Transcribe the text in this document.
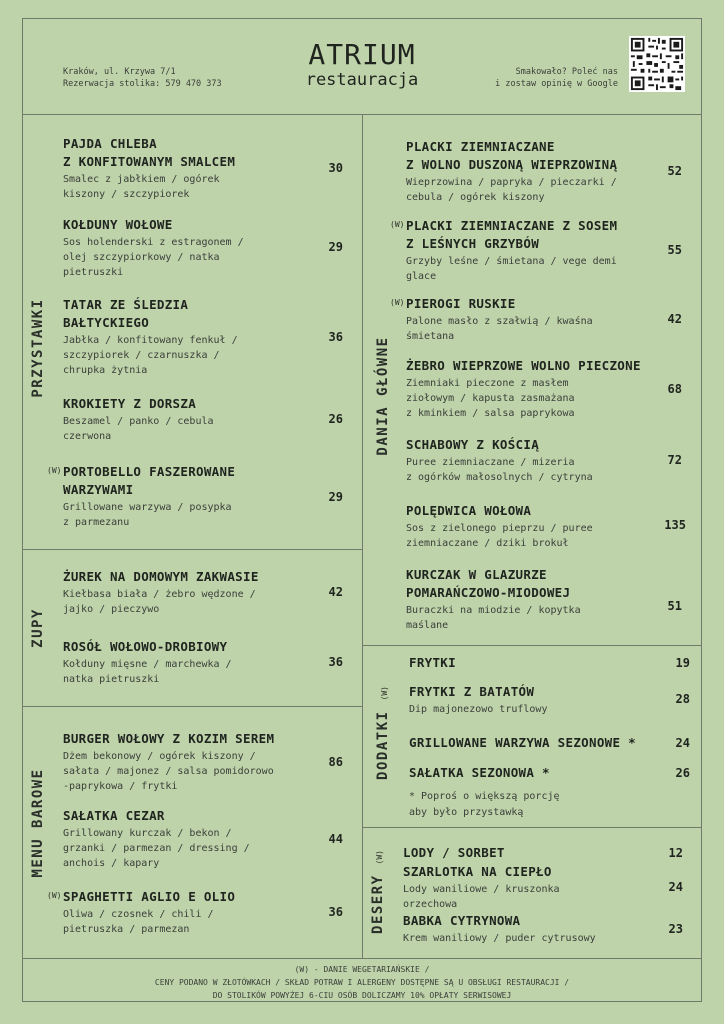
Kraków, ul. Krzywa 7/1
Rezerwacja stolika: 579 470 373
ATRIUM
restauracja	Smakowało? Poleć nas
i zostaw opinię w Google
PRZYSTAWKI
ZUPY
MENU BAROWE
DANIA GŁÓWNE
DODATKI (W)
DESERY (W)
PAJDA CHLEBA
Z KONFITOWANYM SMALCEM
Smalec z jabłkiem / ogórek
kiszony / szczypiorek
30
KOŁDUNY WOŁOWE
Sos holenderski z estragonem /
olej szczypiorkowy / natka
pietruszki
29
TATAR ZE ŚLEDZIA
BAŁTYCKIEGO
Jabłka / konfitowany fenkuł /
szczypiorek / czarnuszka /
chrupka żytnia
36
KROKIETY Z DORSZA
Beszamel / panko / cebula
czerwona
26
(W) PORTOBELLO FASZEROWANE
WARZYWAMI
Grillowane warzywa / posypka
z parmezanu
29
ŻUREK NA DOMOWYM ZAKWASIE
Kiełbasa biała / żebro wędzone /
jajko / pieczywo
42
ROSÓŁ WOŁOWO-DROBIOWY
Kołduny mięsne / marchewka /
natka pietruszki
36
BURGER WOŁOWY Z KOZIM SEREM
Dżem bekonowy / ogórek kiszony /
sałata / majonez / salsa pomidorowo
-paprykowa / frytki
86
SAŁATKA CEZAR
Grillowany kurczak / bekon /
grzanki / parmezan / dressing /
anchois / kapary
44
(W) SPAGHETTI AGLIO E OLIO
Oliwa / czosnek / chili /
pietruszka / parmezan
36
PLACKI ZIEMNIACZANE
Z WOLNO DUSZONĄ WIEPRZOWINĄ
Wieprzowina / papryka / pieczarki /
cebula / ogórek kiszony
52
(W) PLACKI ZIEMNIACZANE Z SOSEM
Z LEŚNYCH GRZYBÓW
Grzyby leśne / śmietana / vege demi
glace
55
(W) PIEROGI RUSKIE
Palone masło z szałwią / kwaśna
śmietana
42
ŻEBRO WIEPRZOWE WOLNO PIECZONE
Ziemniaki pieczone z masłem
ziołowym / kapusta zasmażana
z kminkiem / salsa paprykowa
68
SCHABOWY Z KOŚCIĄ
Puree ziemniaczane / mizeria
z ogórków małosolnych / cytryna
72
POLĘDWICA WOŁOWA
Sos z zielonego pieprzu / puree
ziemniaczane / dziki brokuł
135
KURCZAK W GLAZURZE
POMARAŃCZOWO-MIODOWEJ
Buraczki na miodzie / kopytka
maślane
51
FRYTKI	19
FRYTKI Z BATATÓW
Dip majonezowo truflowy
28
GRILLOWANE WARZYWA SEZONOWE *	24
SAŁATKA SEZONOWA *	26
* Poproś o większą porcję
aby było przystawką
LODY / SORBET	12
SZARLOTKA NA CIEPŁO
Lody waniliowe / kruszonka
orzechowa
24
BABKA CYTRYNOWA
Krem waniliowy / puder cytrusowy
23
(W) - DANIE WEGETARIAŃSKIE /
CENY PODANO W ZŁOTÓWKACH / SKŁAD POTRAW I ALERGENY DOSTĘPNE SĄ U OBSŁUGI RESTAURACJI /
DO STOLIKÓW POWYŻEJ 6-CIU OSÓB DOLICZAMY 10% OPŁATY SERWISOWEJ
